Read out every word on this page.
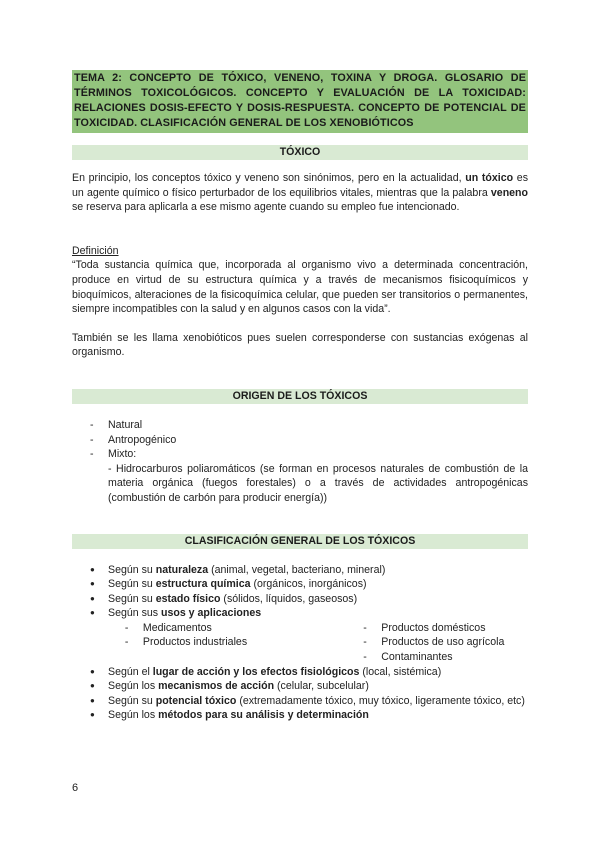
TEMA 2: CONCEPTO DE TÓXICO, VENENO, TOXINA Y DROGA. GLOSARIO DE TÉRMINOS TOXICOLÓGICOS. CONCEPTO Y EVALUACIÓN DE LA TOXICIDAD: RELACIONES DOSIS-EFECTO Y DOSIS-RESPUESTA. CONCEPTO DE POTENCIAL DE TOXICIDAD. CLASIFICACIÓN GENERAL DE LOS XENOBIÓTICOS
TÓXICO

En principio, los conceptos tóxico y veneno son sinónimos, pero en la actualidad, un tóxico es un agente químico o físico perturbador de los equilibrios vitales, mientras que la palabra veneno se reserva para aplicarla a ese mismo agente cuando su empleo fue intencionado.

Definición

“Toda sustancia química que, incorporada al organismo vivo a determinada concentración, produce en virtud de su estructura química y a través de mecanismos fisicoquímicos y bioquímicos, alteraciones de la fisicoquímica celular, que pueden ser transitorios o permanentes, siempre incompatibles con la salud y en algunos casos con la vida”.

También se les llama xenobióticos pues suelen corresponderse con sustancias exógenas al organismo.

ORIGEN DE LOS TÓXICOS
- Natural
- Antropogénico
- Mixto:
- Hidrocarburos poliaromáticos (se forman en procesos naturales de combustión de la materia orgánica (fuegos forestales) o a través de actividades antropogénicas (combustión de carbón para producir energía))
CLASIFICACIÓN GENERAL DE LOS TÓXICOS
● Según su naturaleza (animal, vegetal, bacteriano, mineral)
● Según su estructura química (orgánicos, inorgánicos)
● Según su estado físico (sólidos, líquidos, gaseosos)
● Según sus usos y aplicaciones
- Medicamentos
- Productos industriales
- Productos domésticos
- Productos de uso agrícola
- Contaminantes
● Según el lugar de acción y los efectos fisiológicos (local, sistémica)
● Según los mecanismos de acción (celular, subcelular)
● Según su potencial tóxico (extremadamente tóxico, muy tóxico, ligeramente tóxico, etc)
● Según los métodos para su análisis y determinación
6
